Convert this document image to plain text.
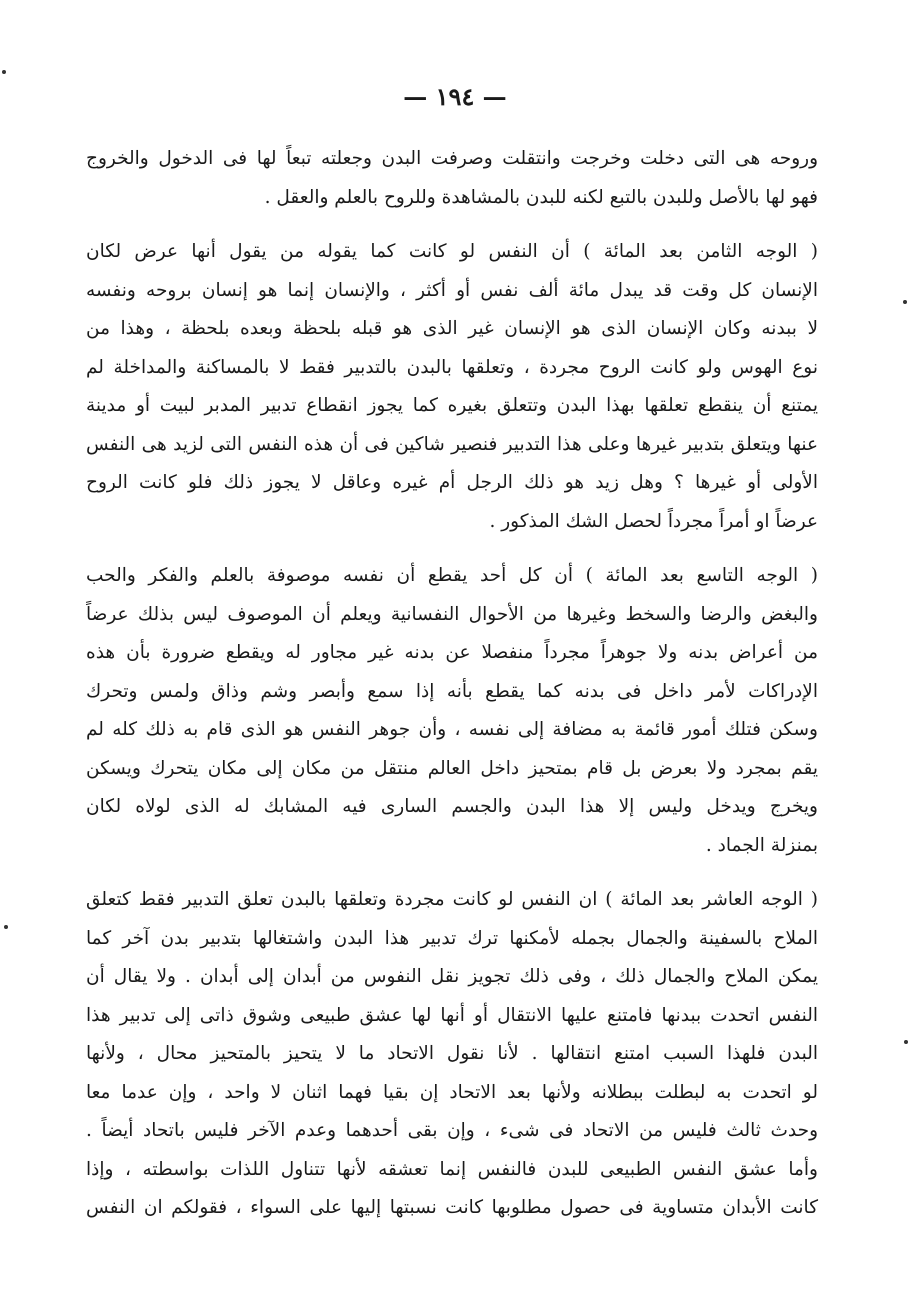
— ١٩٤ —
وروحه هى التى دخلت وخرجت وانتقلت وصرفت البدن وجعلته تبعاً لها فى الدخول والخروج
فهو لها بالأصل وللبدن بالتبع لكنه للبدن بالمشاهدة وللروح بالعلم والعقل .
( الوجه الثامن بعد المائة ) أن النفس لو كانت كما يقوله من يقول أنها عرض لكان
الإنسان كل وقت قد يبدل مائة ألف نفس أو أكثر ، والإنسان إنما هو إنسان بروحه ونفسه
لا ببدنه وكان الإنسان الذى هو الإنسان غير الذى هو قبله بلحظة وبعده بلحظة ، وهذا من
نوع الهوس ولو كانت الروح مجردة ، وتعلقها بالبدن بالتدبير فقط لا بالمساكنة والمداخلة لم
يمتنع أن ينقطع تعلقها بهذا البدن وتتعلق بغيره كما يجوز انقطاع تدبير المدبر لبيت أو مدينة
عنها ويتعلق بتدبير غيرها وعلى هذا التدبير فنصير شاكين فى أن هذه النفس التى لزيد هى النفس
الأولى أو غيرها ؟ وهل زيد هو ذلك الرجل أم غيره وعاقل لا يجوز ذلك فلو كانت الروح
عرضاً او أمراً مجرداً لحصل الشك المذكور .
( الوجه التاسع بعد المائة ) أن كل أحد يقطع أن نفسه موصوفة بالعلم والفكر والحب
والبغض والرضا والسخط وغيرها من الأحوال النفسانية ويعلم أن الموصوف ليس بذلك عرضاً
من أعراض بدنه ولا جوهراً مجرداً منفصلا عن بدنه غير مجاور له ويقطع ضرورة بأن هذه
الإدراكات لأمر داخل فى بدنه كما يقطع بأنه إذا سمع وأبصر وشم وذاق ولمس وتحرك
وسكن فتلك أمور قائمة به مضافة إلى نفسه ، وأن جوهر النفس هو الذى قام به ذلك كله لم
يقم بمجرد ولا بعرض بل قام بمتحيز داخل العالم منتقل من مكان إلى مكان يتحرك ويسكن
ويخرج ويدخل وليس إلا هذا البدن والجسم السارى فيه المشابك له الذى لولاه لكان
بمنزلة الجماد .
( الوجه العاشر بعد المائة ) ان النفس لو كانت مجردة وتعلقها بالبدن تعلق التدبير فقط كتعلق
الملاح بالسفينة والجمال بجمله لأمكنها ترك تدبير هذا البدن واشتغالها بتدبير بدن آخر كما
يمكن الملاح والجمال ذلك ، وفى ذلك تجويز نقل النفوس من أبدان إلى أبدان . ولا يقال أن
النفس اتحدت ببدنها فامتنع عليها الانتقال أو أنها لها عشق طبيعى وشوق ذاتى إلى تدبير هذا
البدن فلهذا السبب امتنع انتقالها . لأنا نقول الاتحاد ما لا يتحيز بالمتحيز محال ، ولأنها
لو اتحدت به لبطلت ببطلانه ولأنها بعد الاتحاد إن بقيا فهما اثنان لا واحد ، وإن عدما معا
وحدث ثالث فليس من الاتحاد فى شىء ، وإن بقى أحدهما وعدم الآخر فليس باتحاد أيضاً .
وأما عشق النفس الطبيعى للبدن فالنفس إنما تعشقه لأنها تتناول اللذات بواسطته ، وإذا
كانت الأبدان متساوية فى حصول مطلوبها كانت نسبتها إليها على السواء ، فقولكم ان النفس
